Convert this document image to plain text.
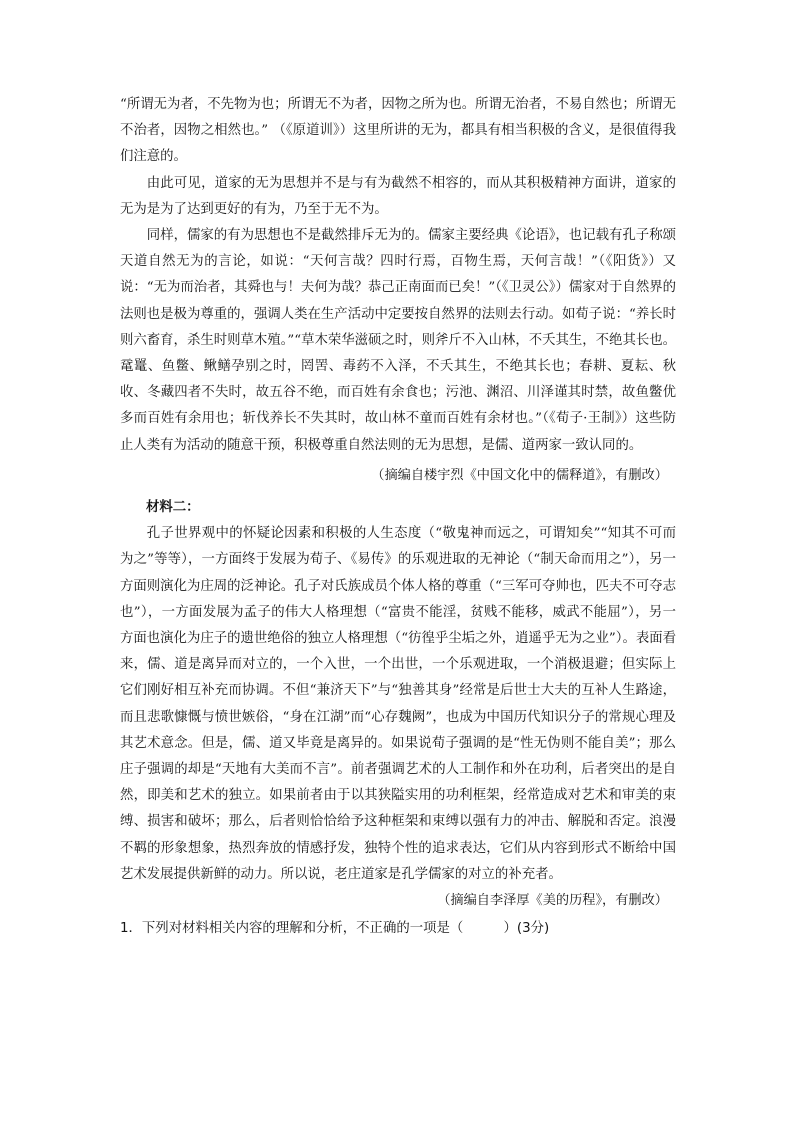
“所谓无为者，不先物为也；所谓无不为者，因物之所为也。所谓无治者，不易自然也；所谓无不治者，因物之相然也。” （《原道训》）这里所讲的无为，都具有相当积极的含义，是很值得我们注意的。

由此可见，道家的无为思想并不是与有为截然不相容的，而从其积极精神方面讲，道家的无为是为了达到更好的有为，乃至于无不为。

同样，儒家的有为思想也不是截然排斥无为的。儒家主要经典《论语》，也记载有孔子称颂天道自然无为的言论，如说：“天何言哉？四时行焉，百物生焉，天何言哉！”（《阳货》）又说：“无为而治者，其舜也与！夫何为哉？恭己正南面而已矣！”（《卫灵公》）儒家对于自然界的法则也是极为尊重的，强调人类在生产活动中定要按自然界的法则去行动。如荀子说：“养长时则六畜育，杀生时则草木殖。”“草木荣华滋硕之时，则斧斤不入山林，不夭其生，不绝其长也。鼋鼍、鱼鳖、鳅鳝孕别之时，罔罟、毒药不入泽，不夭其生，不绝其长也；春耕、夏耘、秋收、冬藏四者不失时，故五谷不绝，而百姓有余食也；污池、渊沼、川泽谨其时禁，故鱼鳖优多而百姓有余用也；斩伐养长不失其时，故山林不童而百姓有余材也。”（《荀子·王制》）这些防止人类有为活动的随意干预，积极尊重自然法则的无为思想，是儒、道两家一致认同的。

（摘编自楼宇烈《中国文化中的儒释道》，有删改）

材料二：

孔子世界观中的怀疑论因素和积极的人生态度（“敬鬼神而远之，可谓知矣”“知其不可而为之”等等），一方面终于发展为荀子、《易传》的乐观进取的无神论（“制天命而用之”），另一方面则演化为庄周的泛神论。孔子对氏族成员个体人格的尊重（“三军可夺帅也，匹夫不可夺志也”），一方面发展为孟子的伟大人格理想（“富贵不能淫，贫贱不能移，威武不能屈”），另一方面也演化为庄子的遗世绝俗的独立人格理想（“彷徨乎尘垢之外，逍遥乎无为之业”）。表面看来，儒、道是离异而对立的，一个入世，一个出世，一个乐观进取，一个消极退避；但实际上它们刚好相互补充而协调。不但“兼济天下”与“独善其身”经常是后世士大夫的互补人生路途，而且悲歌慷慨与愤世嫉俗，“身在江湖”而“心存魏阙”，也成为中国历代知识分子的常规心理及其艺术意念。但是，儒、道又毕竟是离异的。如果说荀子强调的是“性无伪则不能自美”；那么庄子强调的却是“天地有大美而不言”。前者强调艺术的人工制作和外在功利，后者突出的是自然，即美和艺术的独立。如果前者由于以其狭隘实用的功利框架，经常造成对艺术和审美的束缚、损害和破坏；那么，后者则恰恰给予这种框架和束缚以强有力的冲击、解脱和否定。浪漫不羁的形象想象，热烈奔放的情感抒发，独特个性的追求表达，它们从内容到形式不断给中国艺术发展提供新鲜的动力。所以说，老庄道家是孔学儒家的对立的补充者。

（摘编自李泽厚《美的历程》，有删改）

1．下列对材料相关内容的理解和分析，不正确的一项是（　　　）(3分)
